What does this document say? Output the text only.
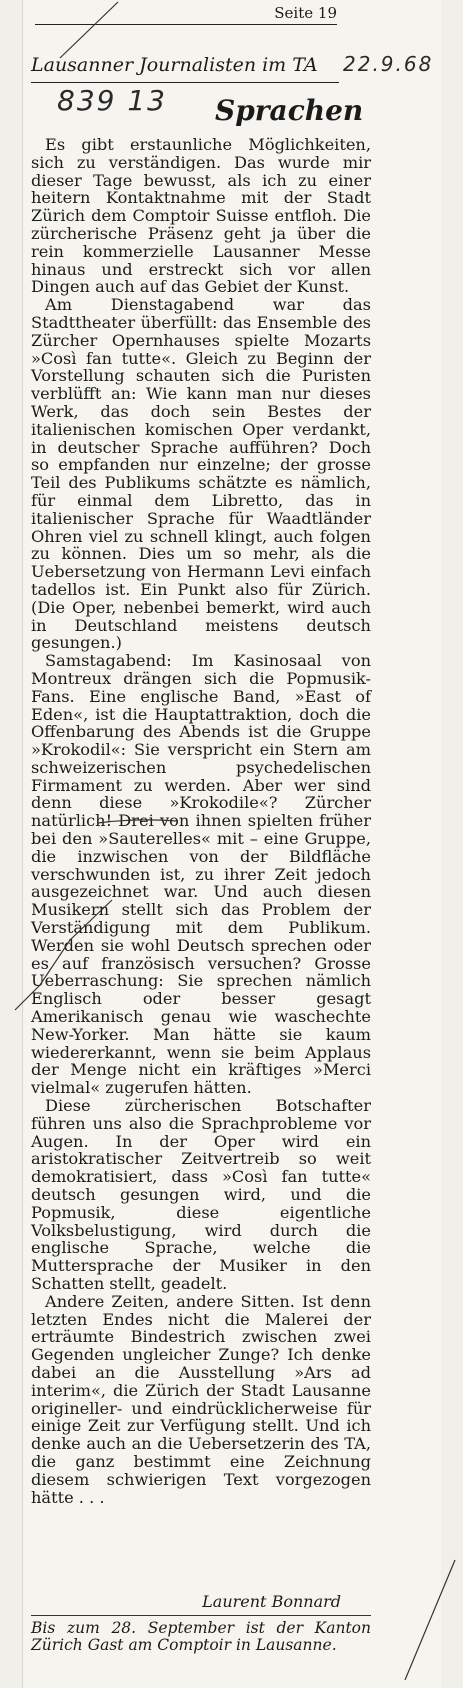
Seite 19
Lausanner Journalisten im TA 22.9.68
839 13 Sprachen

Es gibt erstaunliche Möglichkeiten, sich zu verständigen. Das wurde mir dieser Tage bewusst, als ich zu einer heitern Kontaktnahme mit der Stadt Zürich dem Comptoir Suisse entfloh. Die zürcherische Präsenz geht ja über die rein kommerzielle Lausanner Messe hinaus und erstreckt sich vor allen Dingen auch auf das Gebiet der Kunst.

Am Dienstagabend war das Stadttheater überfüllt: das Ensemble des Zürcher Opernhauses spielte Mozarts »Così fan tutte«. Gleich zu Beginn der Vorstellung schauten sich die Puristen verblüfft an: Wie kann man nur dieses Werk, das doch sein Bestes der italienischen komischen Oper verdankt, in deutscher Sprache aufführen? Doch so empfanden nur einzelne; der grosse Teil des Publikums schätzte es nämlich, für einmal dem Libretto, das in italienischer Sprache für Waadtländer Ohren viel zu schnell klingt, auch folgen zu können. Dies um so mehr, als die Uebersetzung von Hermann Levi einfach tadellos ist. Ein Punkt also für Zürich. (Die Oper, nebenbei bemerkt, wird auch in Deutschland meistens deutsch gesungen.)

Samstagabend: Im Kasinosaal von Montreux drängen sich die Popmusik-Fans. Eine englische Band, »East of Eden«, ist die Hauptattraktion, doch die Offenbarung des Abends ist die Gruppe »Krokodil«: Sie verspricht ein Stern am schweizerischen psychedelischen Firmament zu werden. Aber wer sind denn diese »Krokodile«? Zürcher natürlich! Drei von ihnen spielten früher bei den »Sauterelles« mit – eine Gruppe, die inzwischen von der Bildfläche verschwunden ist, zu ihrer Zeit jedoch ausgezeichnet war. Und auch diesen Musikern stellt sich das Problem der Verständigung mit dem Publikum. Werden sie wohl Deutsch sprechen oder es auf französisch versuchen? Grosse Ueberraschung: Sie sprechen nämlich Englisch oder besser gesagt Amerikanisch genau wie waschechte New-Yorker. Man hätte sie kaum wiedererkannt, wenn sie beim Applaus der Menge nicht ein kräftiges »Merci vielmal« zugerufen hätten.

Diese zürcherischen Botschafter führen uns also die Sprachprobleme vor Augen. In der Oper wird ein aristokratischer Zeitvertreib so weit demokratisiert, dass »Così fan tutte« deutsch gesungen wird, und die Popmusik, diese eigentliche Volksbelustigung, wird durch die englische Sprache, welche die Muttersprache der Musiker in den Schatten stellt, geadelt.

Andere Zeiten, andere Sitten. Ist denn letzten Endes nicht die Malerei der erträumte Bindestrich zwischen zwei Gegenden ungleicher Zunge? Ich denke dabei an die Ausstellung »Ars ad interim«, die Zürich der Stadt Lausanne origineller- und eindrücklicherweise für einige Zeit zur Verfügung stellt. Und ich denke auch an die Uebersetzerin des TA, die ganz bestimmt eine Zeichnung diesem schwierigen Text vorgezogen hätte . . .

Laurent Bonnard
Bis zum 28. September ist der Kanton Zürich Gast am Comptoir in Lausanne.
